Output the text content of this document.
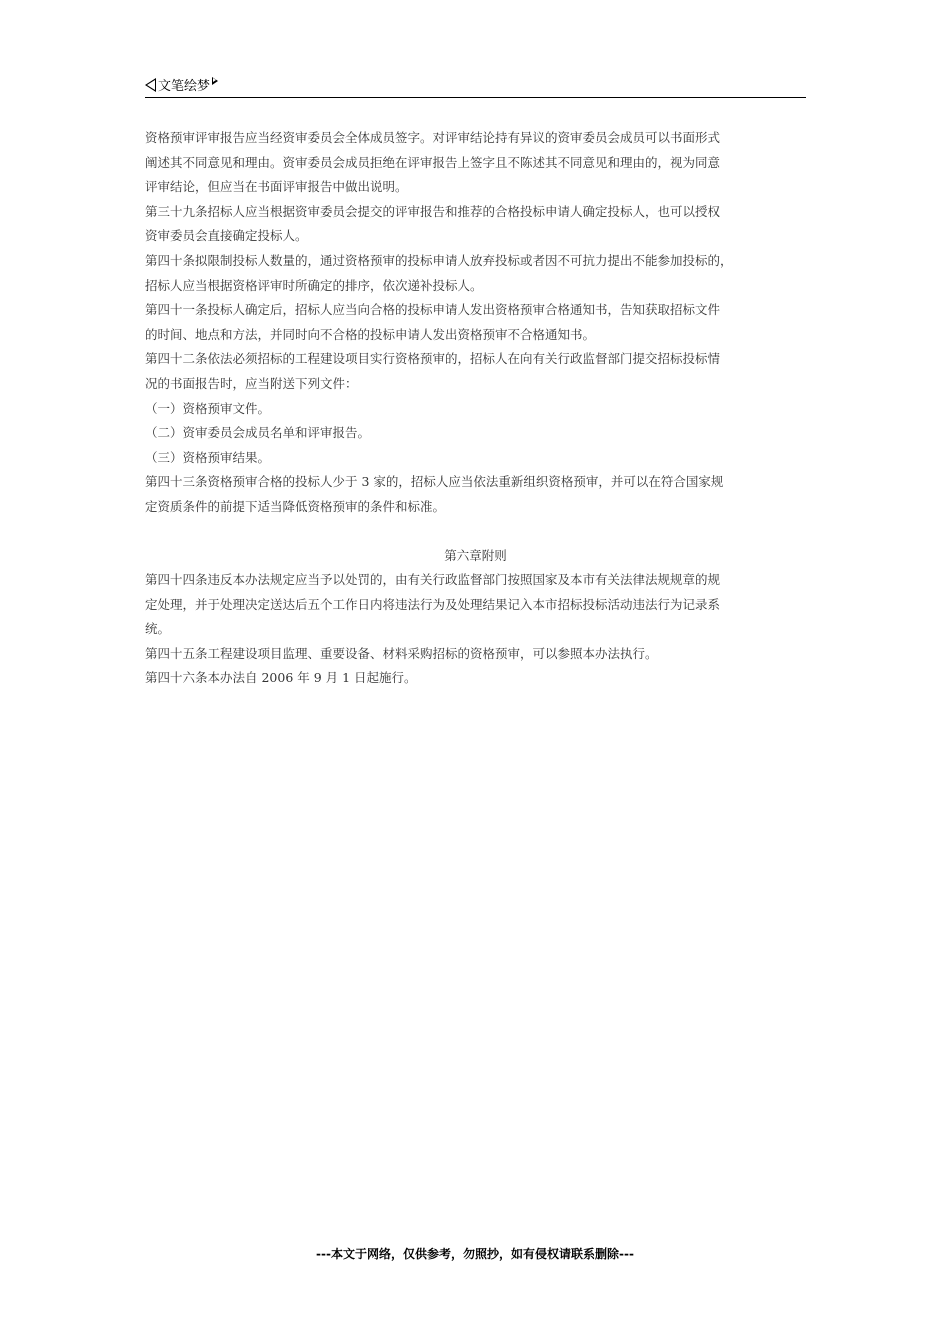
文笔绘梦
资格预审评审报告应当经资审委员会全体成员签字。对评审结论持有异议的资审委员会成员可以书面形式
阐述其不同意见和理由。资审委员会成员拒绝在评审报告上签字且不陈述其不同意见和理由的，视为同意
评审结论，但应当在书面评审报告中做出说明。
第三十九条招标人应当根据资审委员会提交的评审报告和推荐的合格投标申请人确定投标人，也可以授权
资审委员会直接确定投标人。
第四十条拟限制投标人数量的，通过资格预审的投标申请人放弃投标或者因不可抗力提出不能参加投标的，
招标人应当根据资格评审时所确定的排序，依次递补投标人。
第四十一条投标人确定后，招标人应当向合格的投标申请人发出资格预审合格通知书，告知获取招标文件
的时间、地点和方法，并同时向不合格的投标申请人发出资格预审不合格通知书。
第四十二条依法必须招标的工程建设项目实行资格预审的，招标人在向有关行政监督部门提交招标投标情
况的书面报告时，应当附送下列文件：
（一）资格预审文件。
（二）资审委员会成员名单和评审报告。
（三）资格预审结果。
第四十三条资格预审合格的投标人少于 3 家的，招标人应当依法重新组织资格预审，并可以在符合国家规
定资质条件的前提下适当降低资格预审的条件和标准。
第六章附则
第四十四条违反本办法规定应当予以处罚的，由有关行政监督部门按照国家及本市有关法律法规规章的规
定处理，并于处理决定送达后五个工作日内将违法行为及处理结果记入本市招标投标活动违法行为记录系
统。
第四十五条工程建设项目监理、重要设备、材料采购招标的资格预审，可以参照本办法执行。
第四十六条本办法自 2006 年 9 月 1 日起施行。
---本文于网络，仅供参考，勿照抄，如有侵权请联系删除---
